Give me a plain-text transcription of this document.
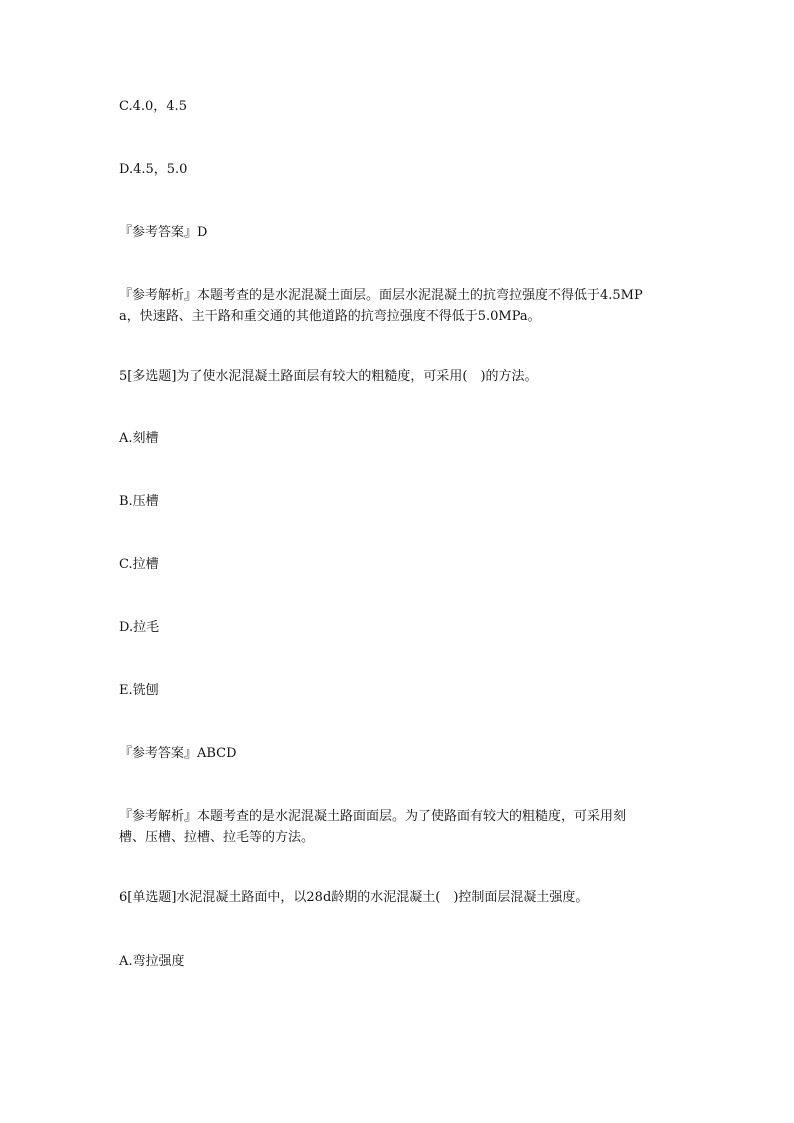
C.4.0，4.5

D.4.5，5.0

『参考答案』D

『参考解析』本题考查的是水泥混凝土面层。面层水泥混凝土的抗弯拉强度不得低于4.5MP

a，快速路、主干路和重交通的其他道路的抗弯拉强度不得低于5.0MPa。

5[多选题]为了使水泥混凝土路面层有较大的粗糙度，可采用(　)的方法。

A.刻槽

B.压槽

C.拉槽

D.拉毛

E.铣刨

『参考答案』ABCD

『参考解析』本题考查的是水泥混凝土路面面层。为了使路面有较大的粗糙度，可采用刻

槽、压槽、拉槽、拉毛等的方法。

6[单选题]水泥混凝土路面中，以28d龄期的水泥混凝土(　)控制面层混凝土强度。

A.弯拉强度
